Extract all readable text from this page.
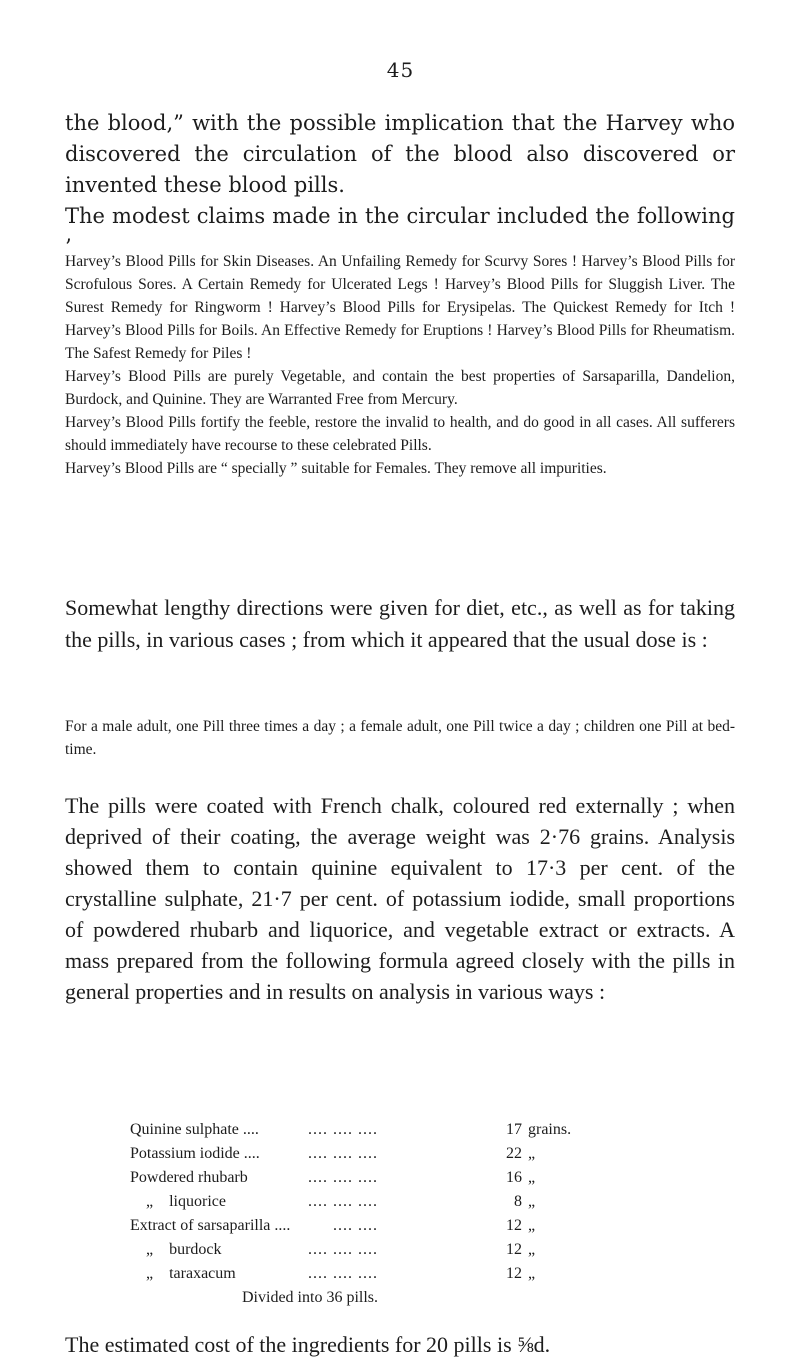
45
the blood,” with the possible implication that the Harvey who discovered the circulation of the blood also discovered or invented these blood pills.
The modest claims made in the circular included the following ’

Harvey’s Blood Pills for Skin Diseases. An Unfailing Remedy for Scurvy Sores ! Harvey’s Blood Pills for Scrofulous Sores. A Certain Remedy for Ulcerated Legs ! Harvey’s Blood Pills for Sluggish Liver. The Surest Remedy for Ringworm ! Harvey’s Blood Pills for Erysipelas. The Quickest Remedy for Itch ! Harvey’s Blood Pills for Boils. An Effective Remedy for Eruptions ! Harvey’s Blood Pills for Rheumatism. The Safest Remedy for Piles !

Harvey’s Blood Pills are purely Vegetable, and contain the best properties of Sarsaparilla, Dandelion, Burdock, and Quinine. They are Warranted Free from Mercury.

Harvey’s Blood Pills fortify the feeble, restore the invalid to health, and do good in all cases. All sufferers should immediately have recourse to these celebrated Pills.

Harvey’s Blood Pills are “ specially ” suitable for Females. They remove all impurities.

Somewhat lengthy directions were given for diet, etc., as well as for taking the pills, in various cases ; from which it appeared that the usual dose is :

For a male adult, one Pill three times a day ; a female adult, one Pill twice a day ; children one Pill at bed-time.

The pills were coated with French chalk, coloured red externally ; when deprived of their coating, the average weight was 2·76 grains. Analysis showed them to contain quinine equivalent to 17·3 per cent. of the crystalline sulphate, 21·7 per cent. of potassium iodide, small proportions of powdered rhubarb and liquorice, and vegetable extract or extracts. A mass prepared from the following formula agreed closely with the pills in general properties and in results on analysis in various ways :
Quinine sulphate ....	.... .... ....	17 grains.
Potassium iodide ....	.... .... ....	22 „
Powdered rhubarb	.... .... ....	16 „
„    liquorice	.... .... ....	8 „
Extract of sarsaparilla .... .... ....	12 „
„    burdock	.... .... ....	12 „
„    taraxacum	.... .... ....	12 „
Divided into 36 pills.
The estimated cost of the ingredients for 20 pills is ⅝d.
